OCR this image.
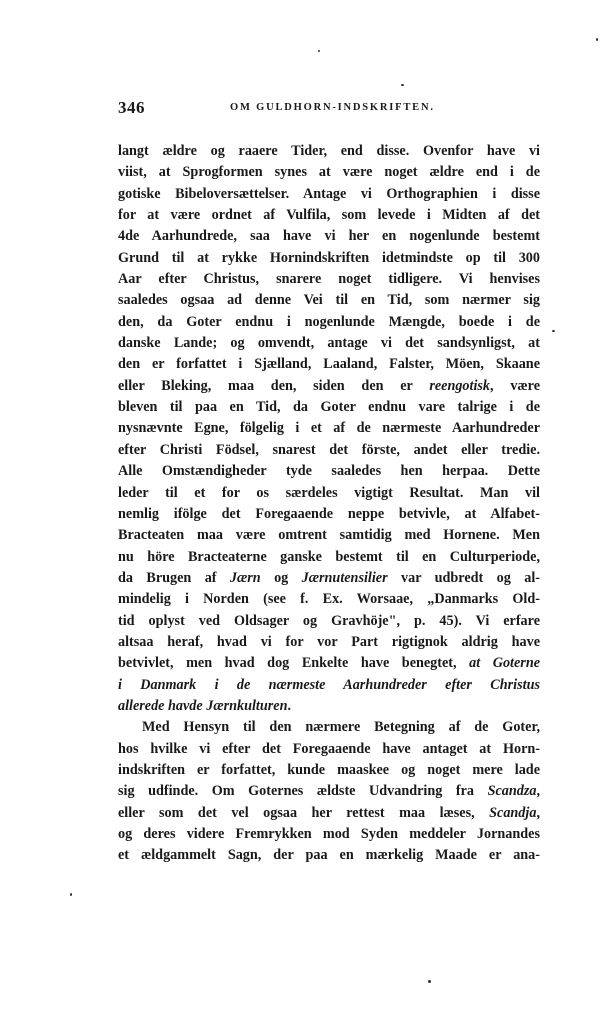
346	OM GULDHORN-INDSKRIFTEN.
langt ældre og raaere Tider, end disse. Ovenfor have vi
viist, at Sprogformen synes at være noget ældre end i de
gotiske Bibeloversættelser. Antage vi Orthographien i disse
for at være ordnet af Vulfila, som levede i Midten af det
4de Aarhundrede, saa have vi her en nogenlunde bestemt
Grund til at rykke Hornindskriften idetmindste op til 300
Aar efter Christus, snarere noget tidligere. Vi henvises
saaledes ogsaa ad denne Vei til en Tid, som nærmer sig
den, da Goter endnu i nogenlunde Mængde, boede i de
danske Lande; og omvendt, antage vi det sandsynligst, at
den er forfattet i Sjælland, Laaland, Falster, Möen, Skaane
eller Bleking, maa den, siden den er reengotisk, være
bleven til paa en Tid, da Goter endnu vare talrige i de
nysnævnte Egne, fölgelig i et af de nærmeste Aarhundreder
efter Christi Födsel, snarest det förste, andet eller tredie.
Alle Omstændigheder tyde saaledes hen herpaa. Dette
leder til et for os særdeles vigtigt Resultat. Man vil
nemlig ifölge det Foregaaende neppe betvivle, at Alfabet-
Bracteaten maa være omtrent samtidig med Hornene. Men
nu höre Bracteaterne ganske bestemt til en Culturperiode,
da Brugen af Jærn og Jærnutensilier var udbredt og al-
mindelig i Norden (see f. Ex. Worsaae, „Danmarks Old-
tid oplyst ved Oldsager og Gravhöje", p. 45). Vi erfare
altsaa heraf, hvad vi for vor Part rigtignok aldrig have
betvivlet, men hvad dog Enkelte have benegtet, at Goterne
i Danmark i de nærmeste Aarhundreder efter Christus
allerede havde Jærnkulturen.
Med Hensyn til den nærmere Betegning af de Goter,
hos hvilke vi efter det Foregaaende have antaget at Horn-
indskriften er forfattet, kunde maaskee og noget mere lade
sig udfinde. Om Goternes ældste Udvandring fra Scandza,
eller som det vel ogsaa her rettest maa læses, Scandja,
og deres videre Fremrykken mod Syden meddeler Jornandes
et ældgammelt Sagn, der paa en mærkelig Maade er ana-
